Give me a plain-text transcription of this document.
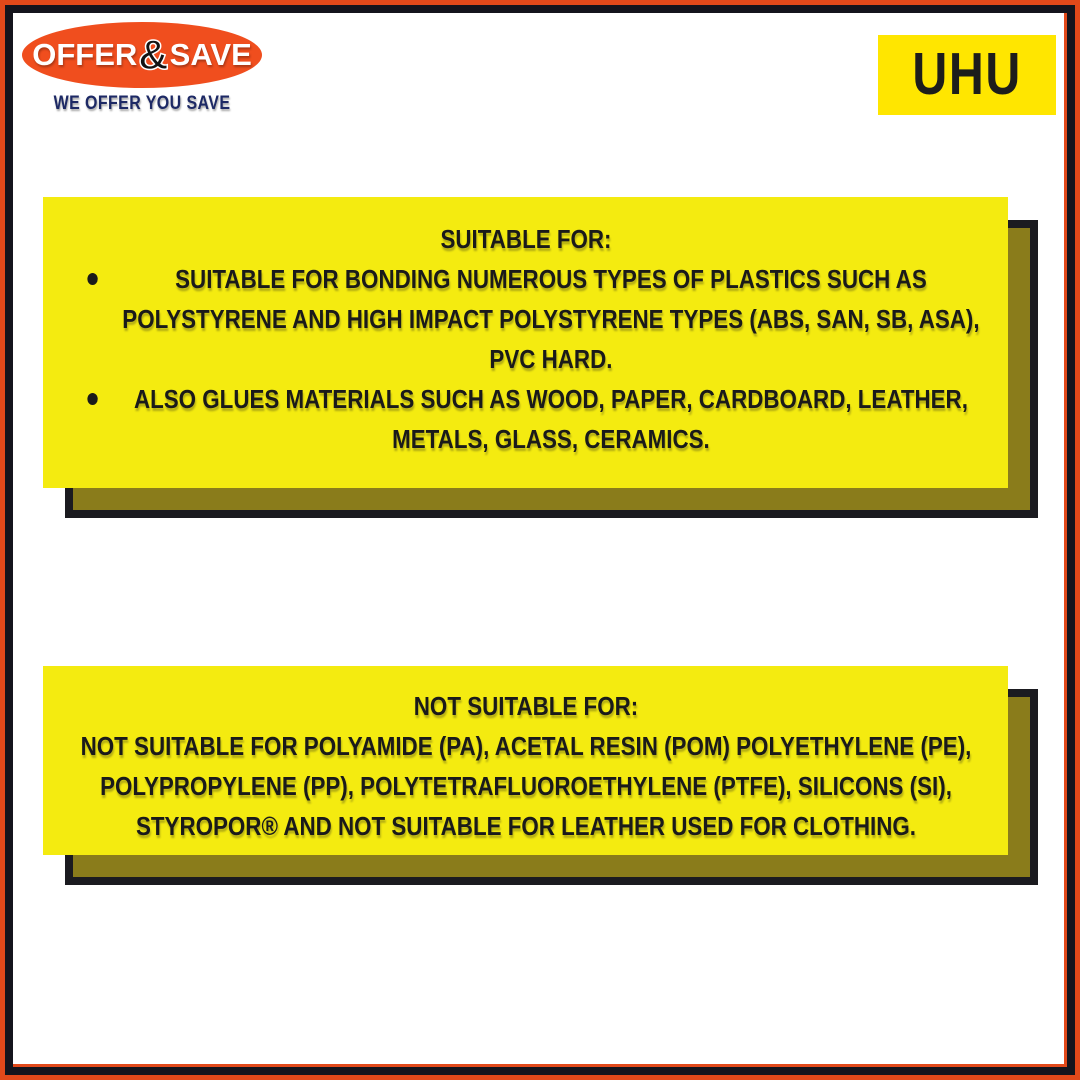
OFFER & SAVE
WE OFFER YOU SAVE	UHU
SUITABLE FOR:
SUITABLE FOR BONDING NUMEROUS TYPES OF PLASTICS SUCH AS POLYSTYRENE AND HIGH IMPACT POLYSTYRENE TYPES (ABS, SAN, SB, ASA), PVC HARD.
ALSO GLUES MATERIALS SUCH AS WOOD, PAPER, CARDBOARD, LEATHER, METALS, GLASS, CERAMICS.
NOT SUITABLE FOR:
NOT SUITABLE FOR POLYAMIDE (PA), ACETAL RESIN (POM) POLYETHYLENE (PE), POLYPROPYLENE (PP), POLYTETRAFLUOROETHYLENE (PTFE), SILICONS (SI), STYROPOR® AND NOT SUITABLE FOR LEATHER USED FOR CLOTHING.
